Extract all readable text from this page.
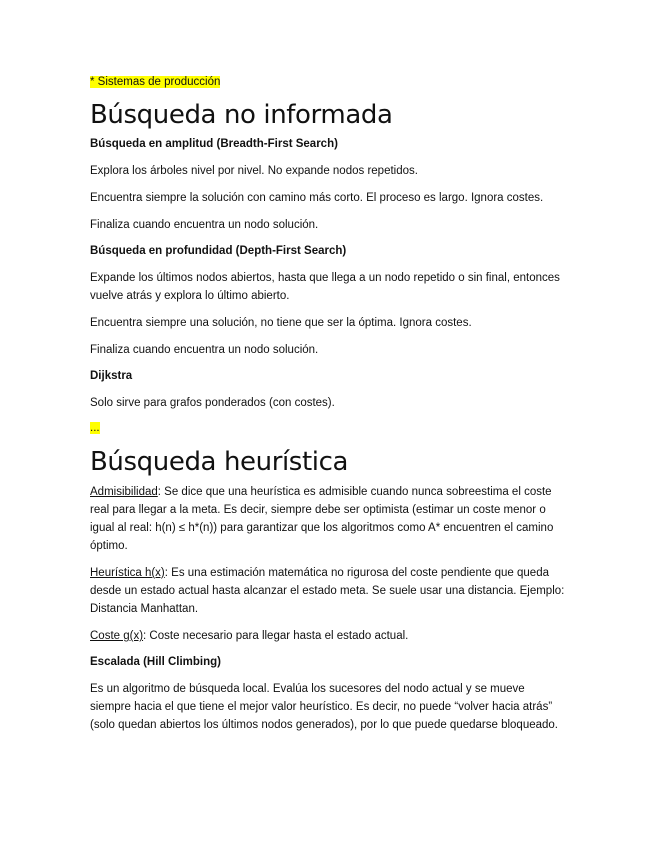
* Sistemas de producción
Búsqueda no informada
Búsqueda en amplitud (Breadth-First Search)

Explora los árboles nivel por nivel. No expande nodos repetidos.

Encuentra siempre la solución con camino más corto. El proceso es largo. Ignora costes.

Finaliza cuando encuentra un nodo solución.

Búsqueda en profundidad (Depth-First Search)

Expande los últimos nodos abiertos, hasta que llega a un nodo repetido o sin final, entonces vuelve atrás y explora lo último abierto.

Encuentra siempre una solución, no tiene que ser la óptima. Ignora costes.

Finaliza cuando encuentra un nodo solución.

Dijkstra

Solo sirve para grafos ponderados (con costes).

...
Búsqueda heurística

Admisibilidad: Se dice que una heurística es admisible cuando nunca sobreestima el coste real para llegar a la meta. Es decir, siempre debe ser optimista (estimar un coste menor o igual al real: h(n) ≤ h*(n)) para garantizar que los algoritmos como A* encuentren el camino óptimo.

Heurística h(x): Es una estimación matemática no rigurosa del coste pendiente que queda desde un estado actual hasta alcanzar el estado meta. Se suele usar una distancia. Ejemplo: Distancia Manhattan.

Coste g(x): Coste necesario para llegar hasta el estado actual.

Escalada (Hill Climbing)

Es un algoritmo de búsqueda local. Evalúa los sucesores del nodo actual y se mueve siempre hacia el que tiene el mejor valor heurístico. Es decir, no puede “volver hacia atrás” (solo quedan abiertos los últimos nodos generados), por lo que puede quedarse bloqueado.
